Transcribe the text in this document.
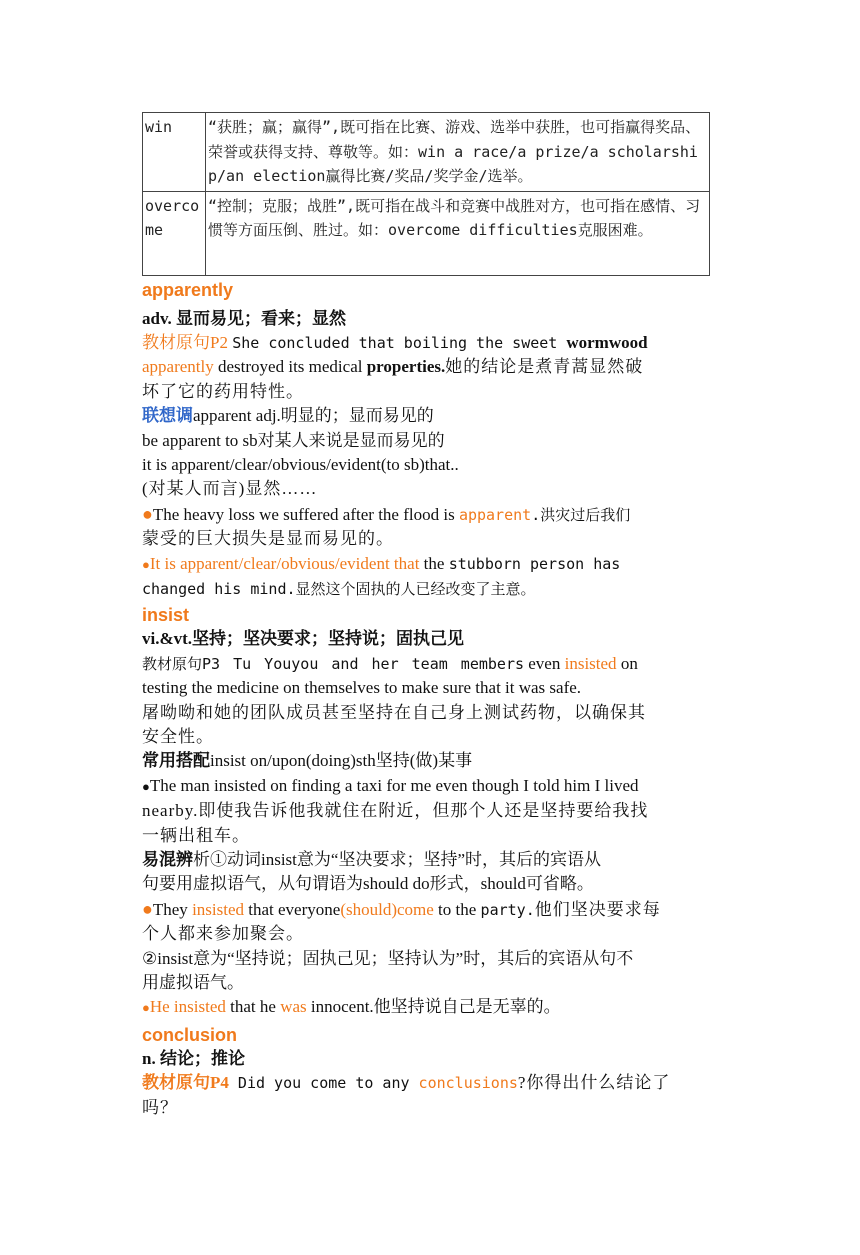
win	“获胜；赢；赢得”,既可指在比赛、游戏、选举中获胜，也可指赢得奖品、荣誉或获得支持、尊敬等。如：win a race/a prize/a scholarship/an election赢得比赛/奖品/奖学金/选举。
overcome	“控制；克服；战胜”,既可指在战斗和竞赛中战胜对方，也可指在感情、习惯等方面压倒、胜过。如：overcome difficulties克服困难。
apparently
adv. 显而易见；看来；显然
教材原句P2 She concluded that boiling the sweet wormwood
apparently destroyed its medical properties.她的结论是煮青蒿显然破
坏了它的药用特性。
联想调apparent adj.明显的；显而易见的
be apparent to sb对某人来说是显而易见的
it is apparent/clear/obvious/evident(to sb)that..
(对某人而言)显然……
●The heavy loss we suffered after the flood is apparent.洪灾过后我们
蒙受的巨大损失是显而易见的。
●It is apparent/clear/obvious/evident that the stubborn person has
changed his mind.显然这个固执的人已经改变了主意。
insist
vi.&vt.坚持；坚决要求；坚持说；固执己见
教材原句P3 Tu Youyou and her team members even insisted on
testing the medicine on themselves to make sure that it was safe.
屠呦呦和她的团队成员甚至坚持在自己身上测试药物，以确保其
安全性。
常用搭配insist on/upon(doing)sth坚持(做)某事
●The man insisted on finding a taxi for me even though I told him I lived
nearby.即使我告诉他我就住在附近，但那个人还是坚持要给我找
一辆出租车。
易混辨析①动词insist意为“坚决要求；坚持”时，其后的宾语从
句要用虚拟语气，从句谓语为should do形式，should可省略。
●They insisted that everyone(should)come to the party.他们坚决要求每
个人都来参加聚会。
②insist意为“坚持说；固执己见；坚持认为”时，其后的宾语从句不
用虚拟语气。
●He insisted that he was innocent.他坚持说自己是无辜的。
conclusion
n. 结论；推论
教材原句P4 Did you come to any conclusions?你得出什么结论了
吗？
